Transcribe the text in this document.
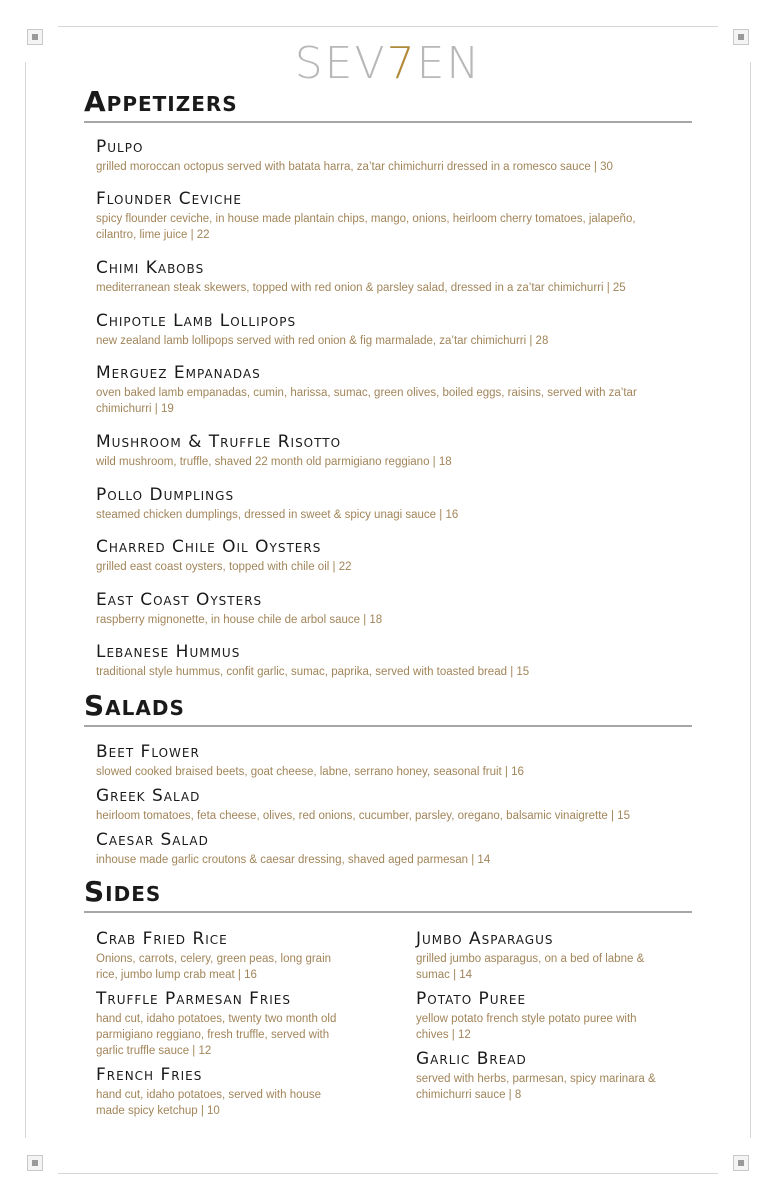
SEV7EN
Appetizers
Pulpo
grilled moroccan octopus served with batata harra, za’tar chimichurri dressed in a romesco sauce | 30
Flounder Ceviche
spicy flounder ceviche, in house made plantain chips, mango, onions, heirloom cherry tomatoes, jalapeño, cilantro, lime juice | 22
Chimi Kabobs
mediterranean steak skewers, topped with red onion & parsley salad, dressed in a za’tar chimichurri | 25
Chipotle Lamb Lollipops
new zealand lamb lollipops served with red onion & fig marmalade, za’tar chimichurri | 28
Merguez Empanadas
oven baked lamb empanadas, cumin, harissa, sumac, green olives, boiled eggs, raisins, served with za’tar chimichurri | 19
Mushroom & Truffle Risotto
wild mushroom, truffle, shaved 22 month old parmigiano reggiano | 18
Pollo Dumplings
steamed chicken dumplings, dressed in sweet & spicy unagi sauce | 16
Charred Chile Oil Oysters
grilled east coast oysters, topped with chile oil | 22
East Coast Oysters
raspberry mignonette, in house chile de arbol sauce | 18
Lebanese Hummus
traditional style hummus, confit garlic, sumac, paprika, served with toasted bread | 15
Salads
Beet Flower
slowed cooked braised beets, goat cheese, labne, serrano honey, seasonal fruit | 16
Greek Salad
heirloom tomatoes, feta cheese, olives, red onions, cucumber, parsley, oregano, balsamic vinaigrette | 15
Caesar Salad
inhouse made garlic croutons & caesar dressing, shaved aged parmesan | 14
Sides
Crab Fried Rice
Onions, carrots, celery, green peas, long grain rice, jumbo lump crab meat | 16
Truffle Parmesan Fries
hand cut, idaho potatoes, twenty two month old parmigiano reggiano, fresh truffle, served with garlic truffle sauce | 12
French Fries
hand cut, idaho potatoes, served with house made spicy ketchup | 10
Jumbo Asparagus
grilled jumbo asparagus, on a bed of labne & sumac | 14
Potato Puree
yellow potato french style potato puree with chives | 12
Garlic Bread
served with herbs, parmesan, spicy marinara & chimichurri sauce | 8
